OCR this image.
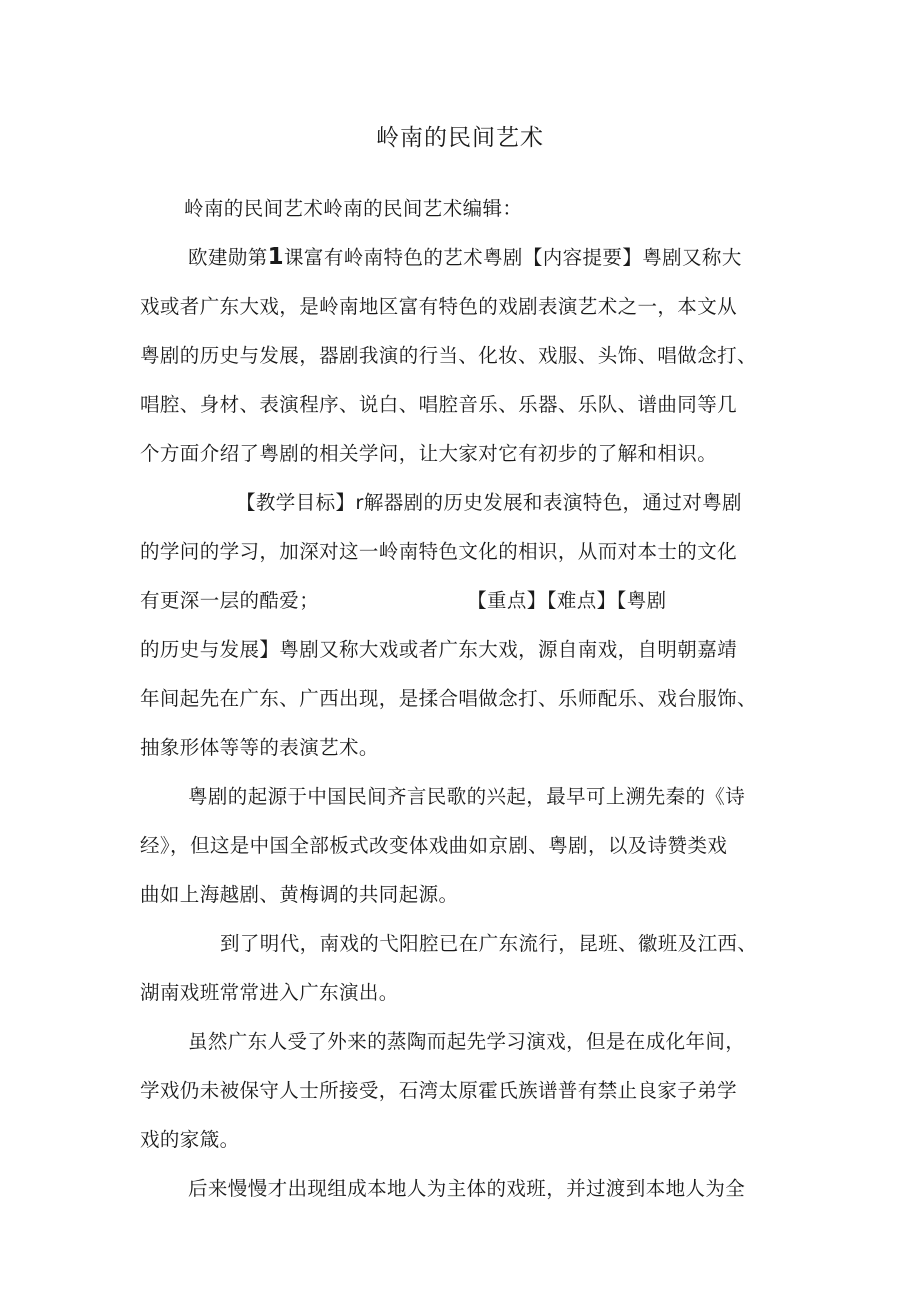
岭南的民间艺术
岭南的民间艺术岭南的民间艺术编辑：
欧建勋第1课富有岭南特色的艺术粤剧【内容提要】粤剧又称大
戏或者广东大戏，是岭南地区富有特色的戏剧表演艺术之一，本文从
粤剧的历史与发展，器剧我演的行当、化妆、戏服、头饰、唱做念打、
唱腔、身材、表演程序、说白、唱腔音乐、乐器、乐队、谱曲同等几
个方面介绍了粤剧的相关学问，让大家对它有初步的了解和相识。
【教学目标】r解器剧的历史发展和表演特色，通过对粤剧
的学问的学习，加深对这一岭南特色文化的相识，从而对本士的文化
有更深一层的酷爱；	【重点】【难点】【粤剧
的历史与发展】粤剧又称大戏或者广东大戏，源自南戏，自明朝嘉靖
年间起先在广东、广西出现，是揉合唱做念打、乐师配乐、戏台服饰、
抽象形体等等的表演艺术。
粤剧的起源于中国民间齐言民歌的兴起，最早可上溯先秦的《诗
经》，但这是中国全部板式改变体戏曲如京剧、粤剧，以及诗赞类戏
曲如上海越剧、黄梅调的共同起源。
到了明代，南戏的弋阳腔已在广东流行，昆班、徽班及江西、
湖南戏班常常进入广东演出。
虽然广东人受了外来的蒸陶而起先学习演戏，但是在成化年间，
学戏仍未被保守人士所接受，石湾太原霍氏族谱普有禁止良家子弟学
戏的家箴。
后来慢慢才出现组成本地人为主体的戏班，并过渡到本地人为全
